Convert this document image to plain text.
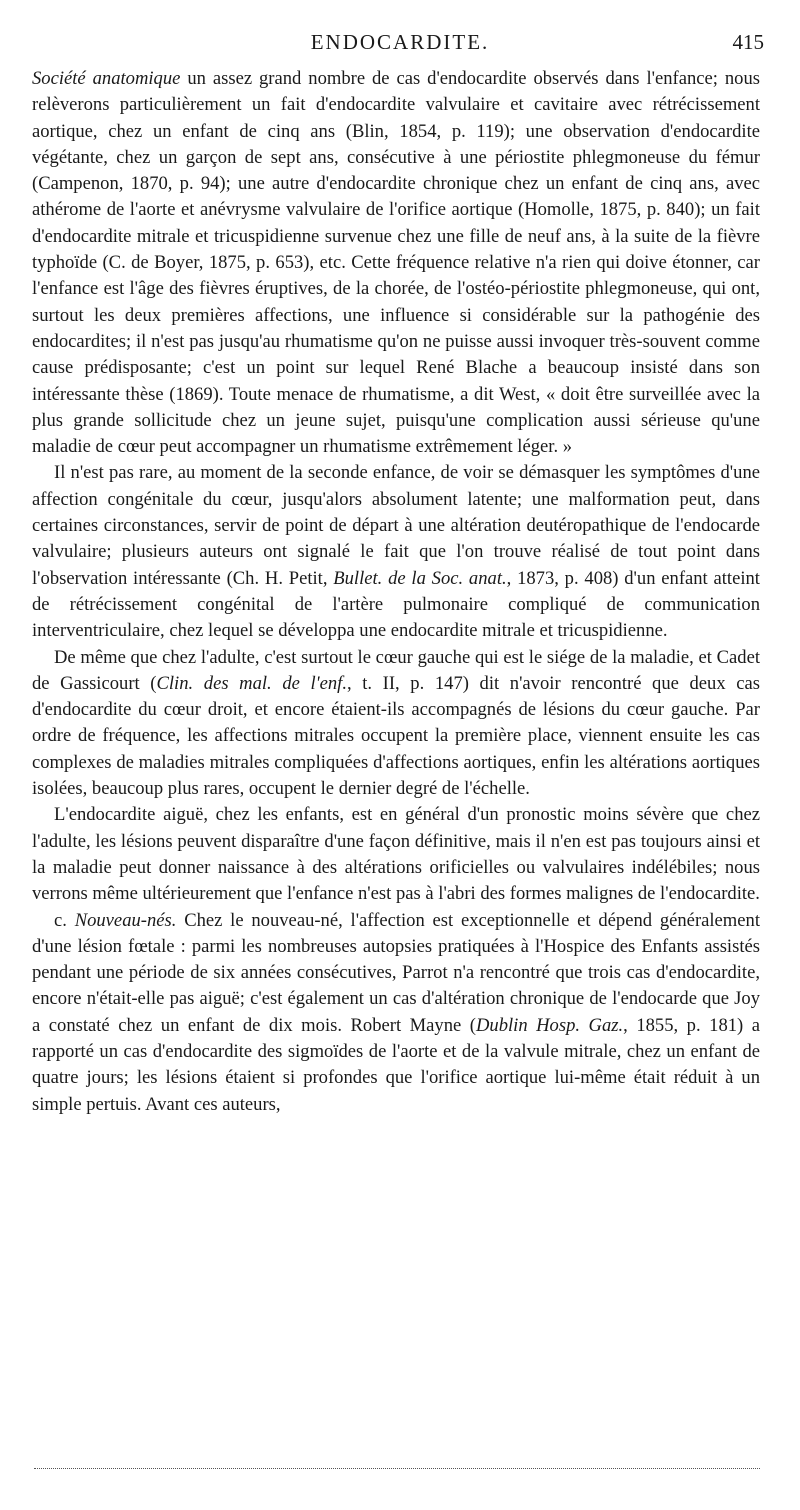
ENDOCARDITE.	415

Société anatomique un assez grand nombre de cas d'endocardite observés dans l'enfance; nous relèverons particulièrement un fait d'endocardite valvulaire et cavitaire avec rétrécissement aortique, chez un enfant de cinq ans (Blin, 1854, p. 119); une observation d'endocardite végétante, chez un garçon de sept ans, consécutive à une périostite phlegmoneuse du fémur (Campenon, 1870, p. 94); une autre d'endocardite chronique chez un enfant de cinq ans, avec athérome de l'aorte et anévrysme valvulaire de l'orifice aortique (Homolle, 1875, p. 840); un fait d'endocardite mitrale et tricuspidienne survenue chez une fille de neuf ans, à la suite de la fièvre typhoïde (C. de Boyer, 1875, p. 653), etc. Cette fréquence relative n'a rien qui doive étonner, car l'enfance est l'âge des fièvres éruptives, de la chorée, de l'ostéo-périostite phlegmoneuse, qui ont, surtout les deux premières affections, une influence si considérable sur la pathogénie des endocardites; il n'est pas jusqu'au rhumatisme qu'on ne puisse aussi invoquer très-souvent comme cause prédisposante; c'est un point sur lequel René Blache a beaucoup insisté dans son intéressante thèse (1869). Toute menace de rhumatisme, a dit West, « doit être surveillée avec la plus grande sollicitude chez un jeune sujet, puisqu'une complication aussi sérieuse qu'une maladie de cœur peut accompagner un rhumatisme extrêmement léger. »

Il n'est pas rare, au moment de la seconde enfance, de voir se démasquer les symptômes d'une affection congénitale du cœur, jusqu'alors absolument latente; une malformation peut, dans certaines circonstances, servir de point de départ à une altération deutéropathique de l'endocarde valvulaire; plusieurs auteurs ont signalé le fait que l'on trouve réalisé de tout point dans l'observation intéressante (Ch. H. Petit, Bullet. de la Soc. anat., 1873, p. 408) d'un enfant atteint de rétrécissement congénital de l'artère pulmonaire compliqué de communication interventriculaire, chez lequel se développa une endocardite mitrale et tricuspidienne.

De même que chez l'adulte, c'est surtout le cœur gauche qui est le siége de la maladie, et Cadet de Gassicourt (Clin. des mal. de l'enf., t. II, p. 147) dit n'avoir rencontré que deux cas d'endocardite du cœur droit, et encore étaient-ils accompagnés de lésions du cœur gauche. Par ordre de fréquence, les affections mitrales occupent la première place, viennent ensuite les cas complexes de maladies mitrales compliquées d'affections aortiques, enfin les altérations aortiques isolées, beaucoup plus rares, occupent le dernier degré de l'échelle.

L'endocardite aiguë, chez les enfants, est en général d'un pronostic moins sévère que chez l'adulte, les lésions peuvent disparaître d'une façon définitive, mais il n'en est pas toujours ainsi et la maladie peut donner naissance à des altérations orificielles ou valvulaires indélébiles; nous verrons même ultérieurement que l'enfance n'est pas à l'abri des formes malignes de l'endocardite.

c. Nouveau-nés. Chez le nouveau-né, l'affection est exceptionnelle et dépend généralement d'une lésion fœtale : parmi les nombreuses autopsies pratiquées à l'Hospice des Enfants assistés pendant une période de six années consécutives, Parrot n'a rencontré que trois cas d'endocardite, encore n'était-elle pas aiguë; c'est également un cas d'altération chronique de l'endocarde que Joy a constaté chez un enfant de dix mois. Robert Mayne (Dublin Hosp. Gaz., 1855, p. 181) a rapporté un cas d'endocardite des sigmoïdes de l'aorte et de la valvule mitrale, chez un enfant de quatre jours; les lésions étaient si profondes que l'orifice aortique lui-même était réduit à un simple pertuis. Avant ces auteurs,
